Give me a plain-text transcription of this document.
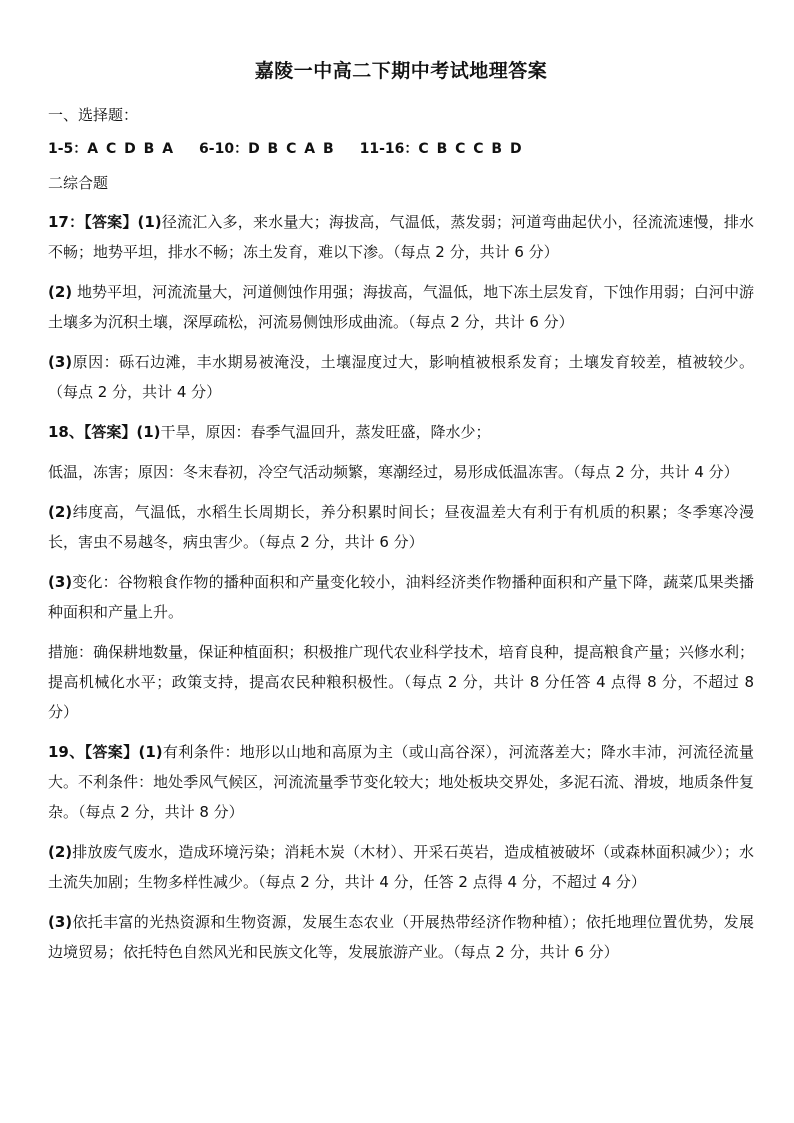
嘉陵一中高二下期中考试地理答案
一、选择题：
1-5：A C D B A 6-10：D B C A B 11-16：C B C C B D
二综合题
17：【答案】(1)径流汇入多，来水量大；海拔高，气温低，蒸发弱；河道弯曲起伏小，径流流速慢，排水不畅；地势平坦，排水不畅；冻土发育，难以下渗。（每点 2 分，共计 6 分）
(2) 地势平坦，河流流量大，河道侧蚀作用强；海拔高，气温低，地下冻土层发育，下蚀作用弱；白河中游土壤多为沉积土壤，深厚疏松，河流易侧蚀形成曲流。（每点 2 分，共计 6 分）
(3)原因：砾石边滩，丰水期易被淹没，土壤湿度过大，影响植被根系发育；土壤发育较差，植被较少。（每点 2 分，共计 4 分）
18、【答案】(1)干旱，原因：春季气温回升，蒸发旺盛，降水少；
低温，冻害；原因：冬末春初，冷空气活动频繁，寒潮经过，易形成低温冻害。（每点 2 分，共计 4 分）
(2)纬度高，气温低，水稻生长周期长，养分积累时间长；昼夜温差大有利于有机质的积累；冬季寒冷漫长，害虫不易越冬，病虫害少。（每点 2 分，共计 6 分）
(3)变化：谷物粮食作物的播种面积和产量变化较小，油料经济类作物播种面积和产量下降，蔬菜瓜果类播种面积和产量上升。
措施：确保耕地数量，保证种植面积；积极推广现代农业科学技术，培育良种，提高粮食产量；兴修水利；提高机械化水平；政策支持，提高农民种粮积极性。（每点 2 分，共计 8 分任答 4 点得 8 分，不超过 8 分）
19、【答案】(1)有利条件：地形以山地和高原为主（或山高谷深），河流落差大；降水丰沛，河流径流量大。不利条件：地处季风气候区，河流流量季节变化较大；地处板块交界处，多泥石流、滑坡，地质条件复杂。（每点 2 分，共计 8 分）
(2)排放废气废水，造成环境污染；消耗木炭（木材）、开采石英岩，造成植被破坏（或森林面积减少）；水土流失加剧；生物多样性减少。（每点 2 分，共计 4 分，任答 2 点得 4 分，不超过 4 分）
(3)依托丰富的光热资源和生物资源，发展生态农业（开展热带经济作物种植）；依托地理位置优势，发展边境贸易；依托特色自然风光和民族文化等，发展旅游产业。（每点 2 分，共计 6 分）
